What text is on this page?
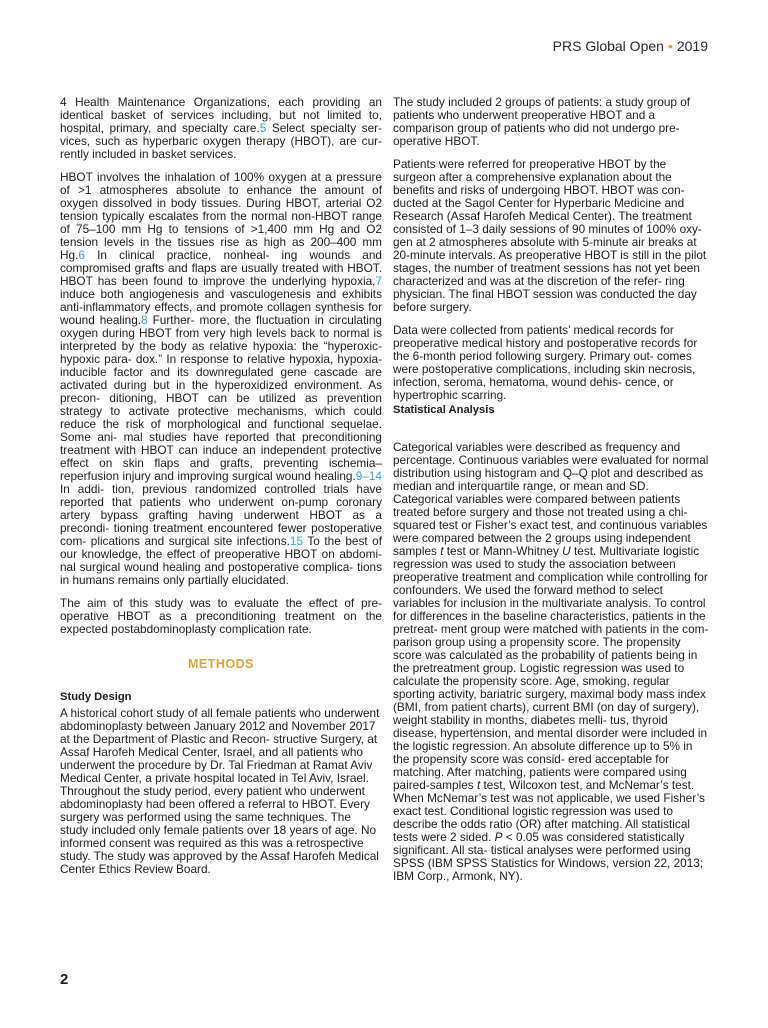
PRS Global Open • 2019

4 Health Maintenance Organizations, each providing an identical basket of services including, but not limited to, hospital, primary, and specialty care.5 Select specialty ser- vices, such as hyperbaric oxygen therapy (HBOT), are cur- rently included in basket services.

HBOT involves the inhalation of 100% oxygen at a pressure of >1 atmospheres absolute to enhance the amount of oxygen dissolved in body tissues. During HBOT, arterial O2 tension typically escalates from the normal non-HBOT range of 75–100 mm Hg to tensions of >1,400 mm Hg and O2 tension levels in the tissues rise as high as 200–400 mm Hg.6 In clinical practice, nonheal- ing wounds and compromised grafts and flaps are usually treated with HBOT. HBOT has been found to improve the underlying hypoxia,7 induce both angiogenesis and vasculogenesis and exhibits anti-inflammatory effects, and promote collagen synthesis for wound healing.8 Further- more, the fluctuation in circulating oxygen during HBOT from very high levels back to normal is interpreted by the body as relative hypoxia: the “hyperoxic-hypoxic para- dox.” In response to relative hypoxia, hypoxia-inducible factor and its downregulated gene cascade are activated during but in the hyperoxidized environment. As precon- ditioning, HBOT can be utilized as prevention strategy to activate protective mechanisms, which could reduce the risk of morphological and functional sequelae. Some ani- mal studies have reported that preconditioning treatment with HBOT can induce an independent protective effect on skin flaps and grafts, preventing ischemia–reperfusion injury and improving surgical wound healing.9–14 In addi- tion, previous randomized controlled trials have reported that patients who underwent on-pump coronary artery bypass grafting having underwent HBOT as a precondi- tioning treatment encountered fewer postoperative com- plications and surgical site infections.15 To the best of our knowledge, the effect of preoperative HBOT on abdomi- nal surgical wound healing and postoperative complica- tions in humans remains only partially elucidated.

The aim of this study was to evaluate the effect of pre- operative HBOT as a preconditioning treatment on the expected postabdominoplasty complication rate.

METHODS
Study Design

A historical cohort study of all female patients who underwent abdominoplasty between January 2012 and November 2017 at the Department of Plastic and Recon- structive Surgery, at Assaf Harofeh Medical Center, Israel, and all patients who underwent the procedure by Dr. Tal Friedman at Ramat Aviv Medical Center, a private hospital located in Tel Aviv, Israel. Throughout the study period, every patient who underwent abdominoplasty had been offered a referral to HBOT. Every surgery was performed using the same techniques. The study included only female patients over 18 years of age. No informed consent was required as this was a retrospective study. The study was approved by the Assaf Harofeh Medical Center Ethics Review Board.

The study included 2 groups of patients: a study group of patients who underwent preoperative HBOT and a comparison group of patients who did not undergo pre- operative HBOT.

Patients were referred for preoperative HBOT by the surgeon after a comprehensive explanation about the benefits and risks of undergoing HBOT. HBOT was con- ducted at the Sagol Center for Hyperbaric Medicine and Research (Assaf Harofeh Medical Center). The treatment consisted of 1–3 daily sessions of 90 minutes of 100% oxy- gen at 2 atmospheres absolute with 5-minute air breaks at 20-minute intervals. As preoperative HBOT is still in the pilot stages, the number of treatment sessions has not yet been characterized and was at the discretion of the refer- ring physician. The final HBOT session was conducted the day before surgery.

Data were collected from patients’ medical records for preoperative medical history and postoperative records for the 6-month period following surgery. Primary out- comes were postoperative complications, including skin necrosis, infection, seroma, hematoma, wound dehis- cence, or hypertrophic scarring.

Statistical Analysis

Categorical variables were described as frequency and percentage. Continuous variables were evaluated for normal distribution using histogram and Q–Q plot and described as median and interquartile range, or mean and SD. Categorical variables were compared between patients treated before surgery and those not treated using a chi-squared test or Fisher’s exact test, and continuous variables were compared between the 2 groups using independent samples t test or Mann-Whitney U test. Multivariate logistic regression was used to study the association between preoperative treatment and complication while controlling for confounders. We used the forward method to select variables for inclusion in the multivariate analysis. To control for differences in the baseline characteristics, patients in the pretreat- ment group were matched with patients in the com- parison group using a propensity score. The propensity score was calculated as the probability of patients being in the pretreatment group. Logistic regression was used to calculate the propensity score. Age, smoking, regular sporting activity, bariatric surgery, maximal body mass index (BMI, from patient charts), current BMI (on day of surgery), weight stability in months, diabetes melli- tus, thyroid disease, hypertension, and mental disorder were included in the logistic regression. An absolute difference up to 5% in the propensity score was consid- ered acceptable for matching. After matching, patients were compared using paired-samples t test, Wilcoxon test, and McNemar’s test. When McNemar’s test was not applicable, we used Fisher’s exact test. Conditional logistic regression was used to describe the odds ratio (OR) after matching. All statistical tests were 2 sided. P < 0.05 was considered statistically significant. All sta- tistical analyses were performed using SPSS (IBM SPSS Statistics for Windows, version 22, 2013; IBM Corp., Armonk, NY).

2
